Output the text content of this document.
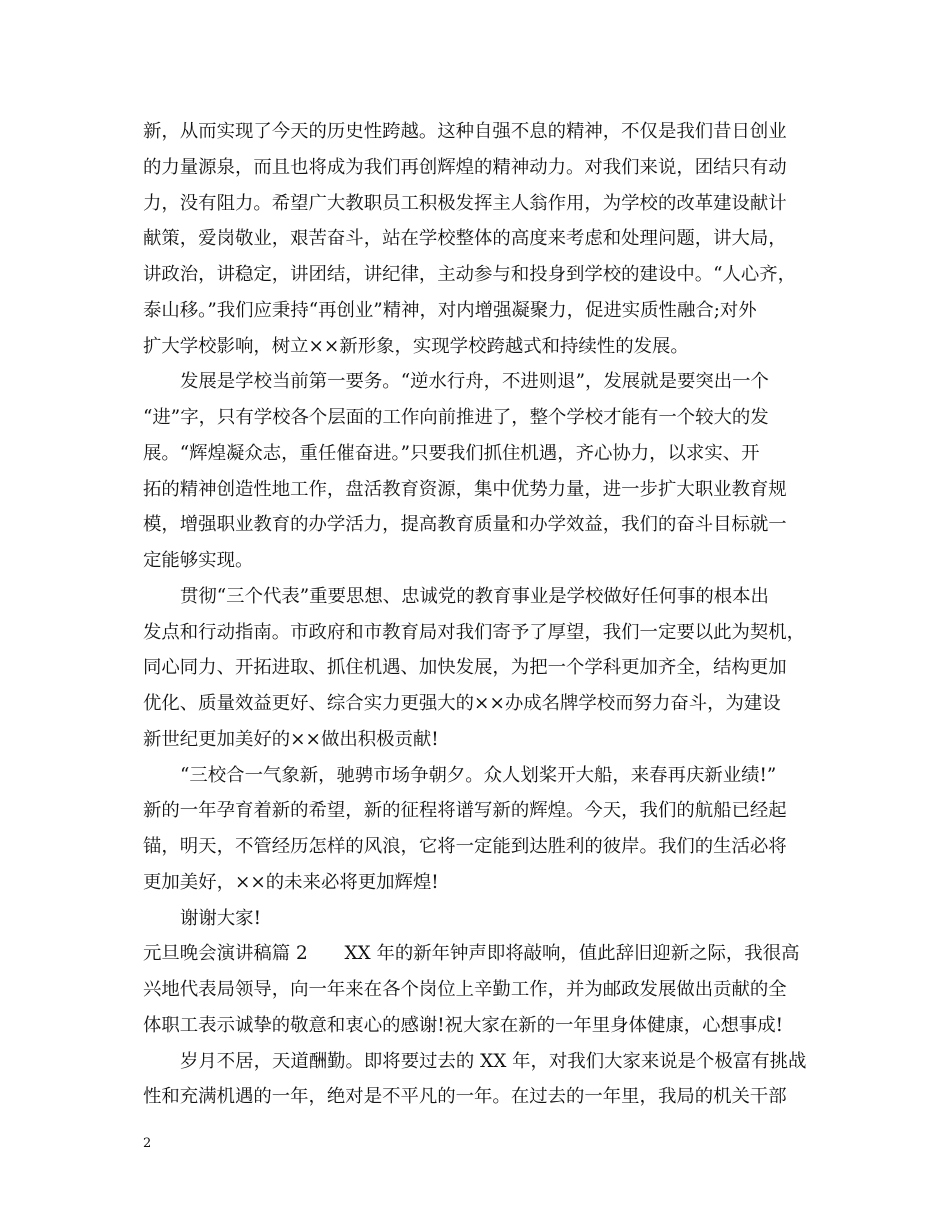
新，从而实现了今天的历史性跨越。这种自强不息的精神，不仅是我们昔日创业
的力量源泉，而且也将成为我们再创辉煌的精神动力。对我们来说，团结只有动
力，没有阻力。希望广大教职员工积极发挥主人翁作用，为学校的改革建设献计
献策，爱岗敬业，艰苦奋斗，站在学校整体的高度来考虑和处理问题，讲大局，
讲政治，讲稳定，讲团结，讲纪律，主动参与和投身到学校的建设中。“人心齐，
泰山移。”我们应秉持“再创业”精神，对内增强凝聚力，促进实质性融合;对外
扩大学校影响，树立××新形象，实现学校跨越式和持续性的发展。
发展是学校当前第一要务。“逆水行舟，不进则退”，发展就是要突出一个
“进”字，只有学校各个层面的工作向前推进了，整个学校才能有一个较大的发
展。“辉煌凝众志，重任催奋进。”只要我们抓住机遇，齐心协力，以求实、开
拓的精神创造性地工作，盘活教育资源，集中优势力量，进一步扩大职业教育规
模，增强职业教育的办学活力，提高教育质量和办学效益，我们的奋斗目标就一
定能够实现。
贯彻“三个代表”重要思想、忠诚党的教育事业是学校做好任何事的根本出
发点和行动指南。市政府和市教育局对我们寄予了厚望，我们一定要以此为契机，
同心同力、开拓进取、抓住机遇、加快发展，为把一个学科更加齐全，结构更加
优化、质量效益更好、综合实力更强大的××办成名牌学校而努力奋斗，为建设
新世纪更加美好的××做出积极贡献!
“三校合一气象新，驰骋市场争朝夕。众人划桨开大船，来春再庆新业绩!”
新的一年孕育着新的希望，新的征程将谱写新的辉煌。今天，我们的航船已经起
锚，明天，不管经历怎样的风浪，它将一定能到达胜利的彼岸。我们的生活必将
更加美好，××的未来必将更加辉煌!
谢谢大家!
元旦晚会演讲稿篇 2　　XX 年的新年钟声即将敲响，值此辞旧迎新之际，我很高
兴地代表局领导，向一年来在各个岗位上辛勤工作，并为邮政发展做出贡献的全
体职工表示诚挚的敬意和衷心的感谢!祝大家在新的一年里身体健康，心想事成!
岁月不居，天道酬勤。即将要过去的 XX 年，对我们大家来说是个极富有挑战
性和充满机遇的一年，绝对是不平凡的一年。在过去的一年里，我局的机关干部
2
